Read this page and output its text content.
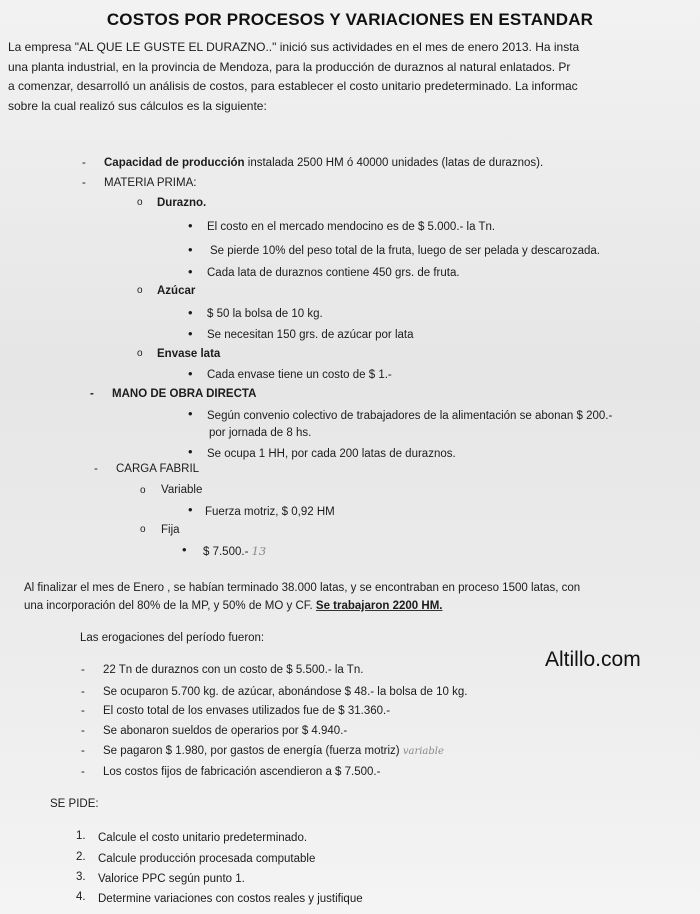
COSTOS POR PROCESOS Y VARIACIONES EN ESTANDAR
La empresa "AL QUE LE GUSTE EL DURAZNO.." inició sus actividades en el mes de enero 2013. Ha insta
una planta industrial, en la provincia de Mendoza, para la producción de duraznos al natural enlatados. Pr
a comenzar, desarrolló un análisis de costos, para establecer el costo unitario predeterminado. La informac
sobre la cual realizó sus cálculos es la siguiente:
- Capacidad de producción instalada 2500 HM ó 40000 unidades (latas de duraznos).
- MATERIA PRIMA:
o Durazno.
• El costo en el mercado mendocino es de $ 5.000.- la Tn.
• Se pierde 10% del peso total de la fruta, luego de ser pelada y descarozada.
• Cada lata de duraznos contiene 450 grs. de fruta.
o Azúcar
• $ 50 la bolsa de 10 kg.
• Se necesitan 150 grs. de azúcar por lata
o Envase lata
• Cada envase tiene un costo de $ 1.-
- MANO DE OBRA DIRECTA
• Según convenio colectivo de trabajadores de la alimentación se abonan $ 200.-
por jornada de 8 hs.
• Se ocupa 1 HH, por cada 200 latas de duraznos.
- CARGA FABRIL
o Variable
• Fuerza motriz, $ 0,92 HM
o Fija
• $ 7.500.- 13
Al finalizar el mes de Enero , se habían terminado 38.000 latas, y se encontraban en proceso 1500 latas, con
una incorporación del 80% de la MP, y 50% de MO y CF. Se trabajaron 2200 HM.
Las erogaciones del período fueron:
- 22 Tn de duraznos con un costo de $ 5.500.- la Tn.
- Se ocuparon 5.700 kg. de azúcar, abonándose $ 48.- la bolsa de 10 kg.
- El costo total de los envases utilizados fue de $ 31.360.-
- Se abonaron sueldos de operarios por $ 4.940.-
- Se pagaron $ 1.980, por gastos de energía (fuerza motriz) variable
- Los costos fijos de fabricación ascendieron a $ 7.500.-
Altillo.com
SE PIDE:
1. Calcule el costo unitario predeterminado.
2. Calcule producción procesada computable
3. Valorice PPC según punto 1.
4. Determine variaciones con costos reales y justifique
